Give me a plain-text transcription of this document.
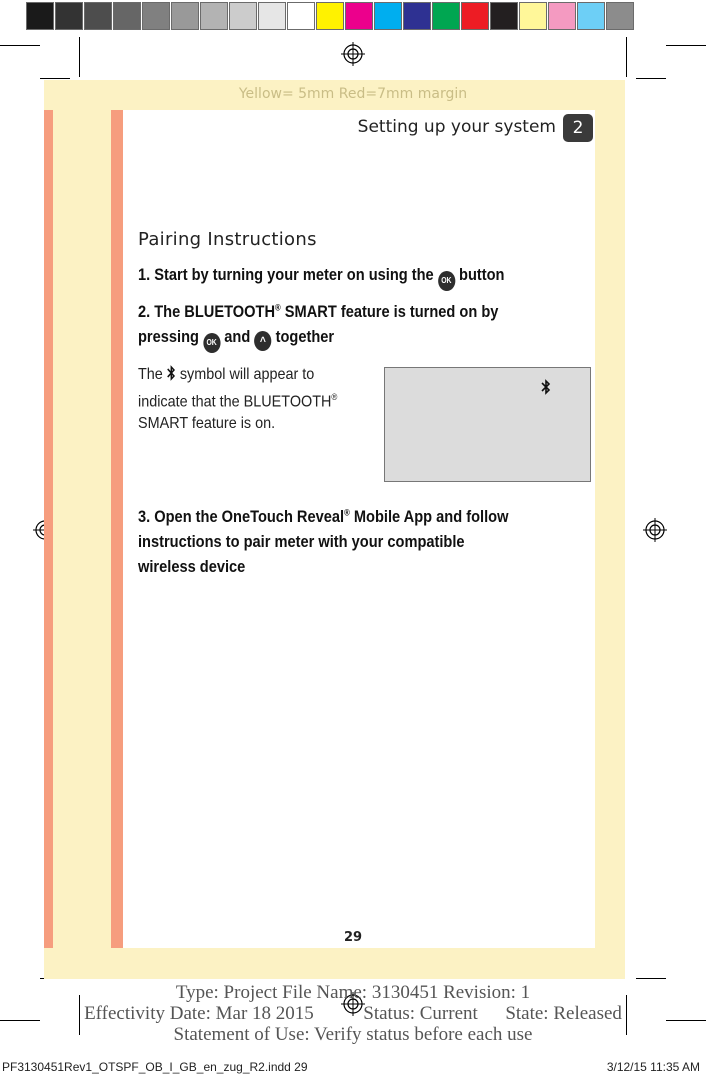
Yellow= 5mm Red=7mm margin
Setting up your system 2
Pairing Instructions
1. Start by turning your meter on using the OK button
2. The BLUETOOTH® SMART feature is turned on by
pressing OK and ^ together
The symbol will appear to
indicate that the BLUETOOTH®
SMART feature is on.
3. Open the OneTouch Reveal® Mobile App and follow
instructions to pair meter with your compatible
wireless device
29
Type: Project File Name: 3130451 Revision: 1
Effectivity Date: Mar 18 2015	Status: Current State: Released
Statement of Use: Verify status before each use
PF3130451Rev1_OTSPF_OB_I_GB_en_zug_R2.indd 29	3/12/15 11:35 AM
